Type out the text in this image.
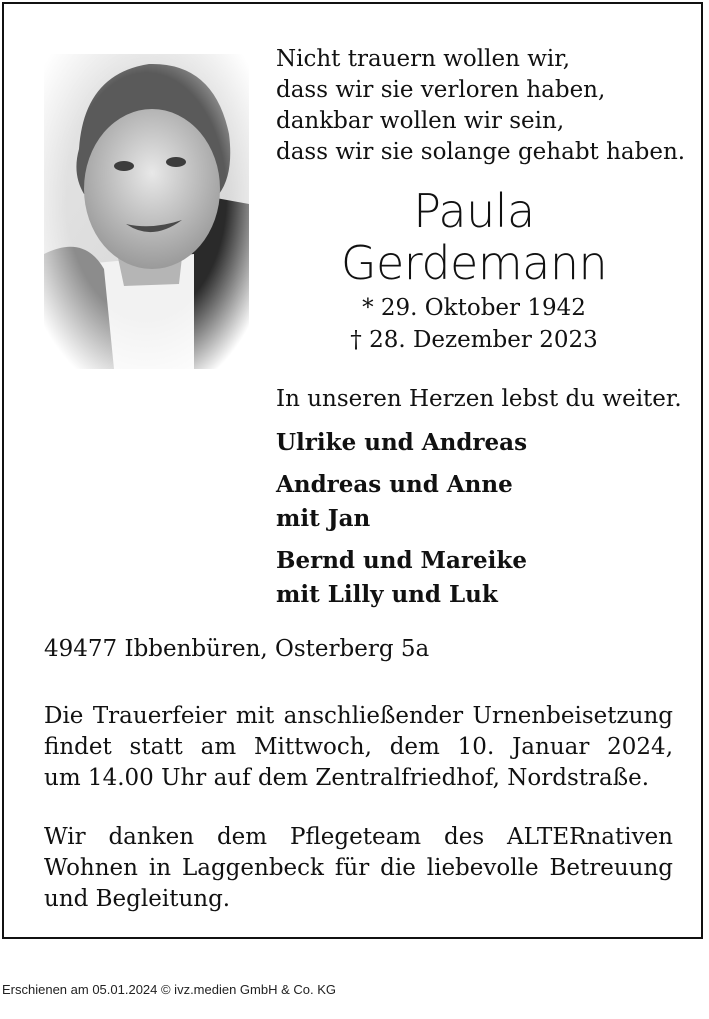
Nicht trauern wollen wir,
dass wir sie verloren haben,
dankbar wollen wir sein,
dass wir sie solange gehabt haben.
Paula
Gerdemann
* 29. Oktober 1942
† 28. Dezember 2023
In unseren Herzen lebst du weiter.
Ulrike und Andreas
Andreas und Anne
mit Jan
Bernd und Mareike
mit Lilly und Luk
49477 Ibbenbüren, Osterberg 5a
Die Trauerfeier mit anschließender Urnenbeisetzung
findet statt am Mittwoch, dem 10. Januar 2024,
um 14.00 Uhr auf dem Zentralfriedhof, Nordstraße.
Wir danken dem Pflegeteam des ALTERnativen
Wohnen in Laggenbeck für die liebevolle Betreuung
und Begleitung.
Erschienen am 05.01.2024 © ivz.medien GmbH & Co. KG
